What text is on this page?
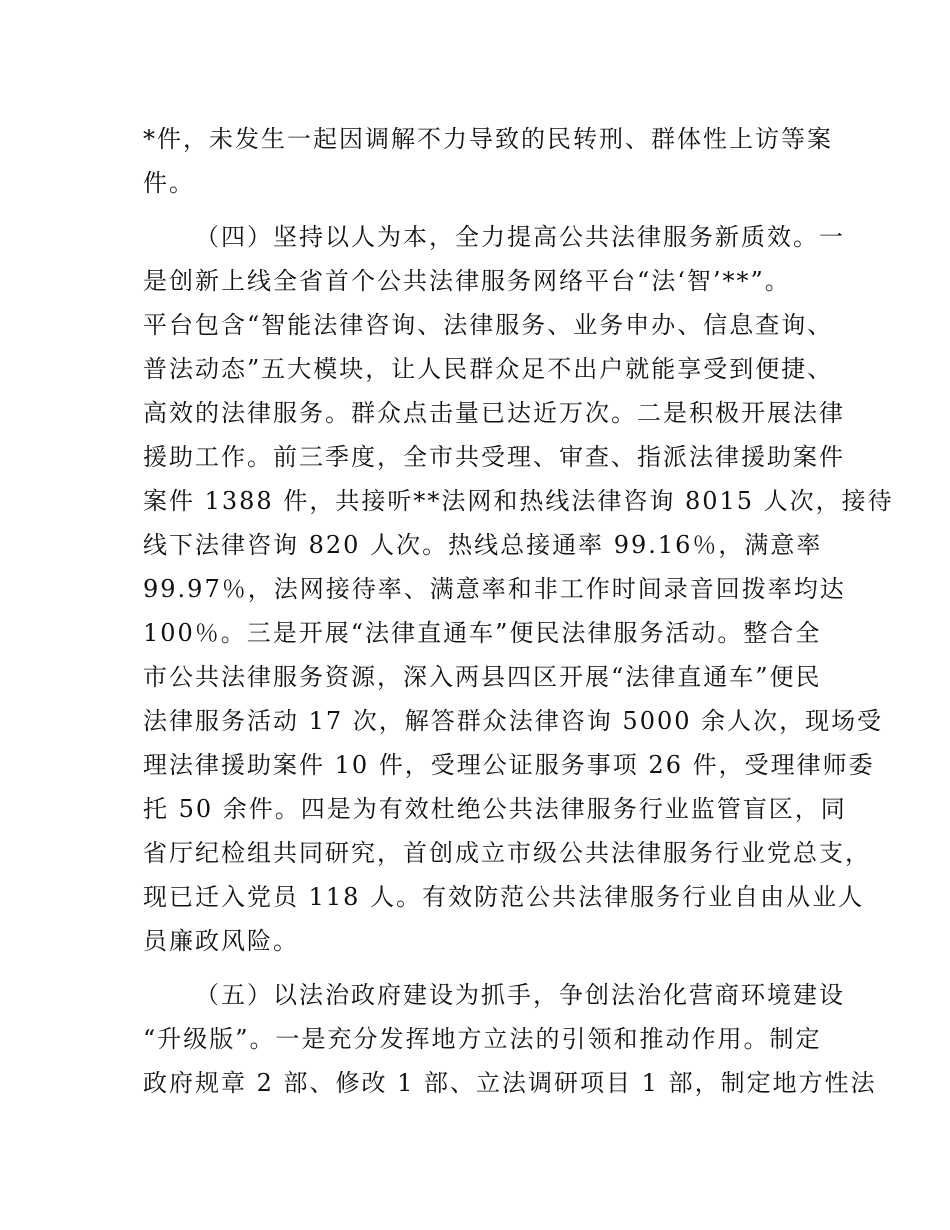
*件，未发生一起因调解不力导致的民转刑、群体性上访等案

件。

（四）坚持以人为本，全力提高公共法律服务新质效。一

是创新上线全省首个公共法律服务网络平台“法‘智’**”。

平台包含“智能法律咨询、法律服务、业务申办、信息查询、

普法动态”五大模块，让人民群众足不出户就能享受到便捷、

高效的法律服务。群众点击量已达近万次。二是积极开展法律

援助工作。前三季度，全市共受理、审查、指派法律援助案件

案件 1388 件，共接听**法网和热线法律咨询 8015 人次，接待

线下法律咨询 820 人次。热线总接通率 99.16％，满意率

99.97％，法网接待率、满意率和非工作时间录音回拨率均达

100％。三是开展“法律直通车”便民法律服务活动。整合全

市公共法律服务资源，深入两县四区开展“法律直通车”便民

法律服务活动 17 次，解答群众法律咨询 5000 余人次，现场受

理法律援助案件 10 件，受理公证服务事项 26 件，受理律师委

托 50 余件。四是为有效杜绝公共法律服务行业监管盲区，同

省厅纪检组共同研究，首创成立市级公共法律服务行业党总支，

现已迁入党员 118 人。有效防范公共法律服务行业自由从业人

员廉政风险。

（五）以法治政府建设为抓手，争创法治化营商环境建设

“升级版”。一是充分发挥地方立法的引领和推动作用。制定

政府规章 2 部、修改 1 部、立法调研项目 1 部，制定地方性法
